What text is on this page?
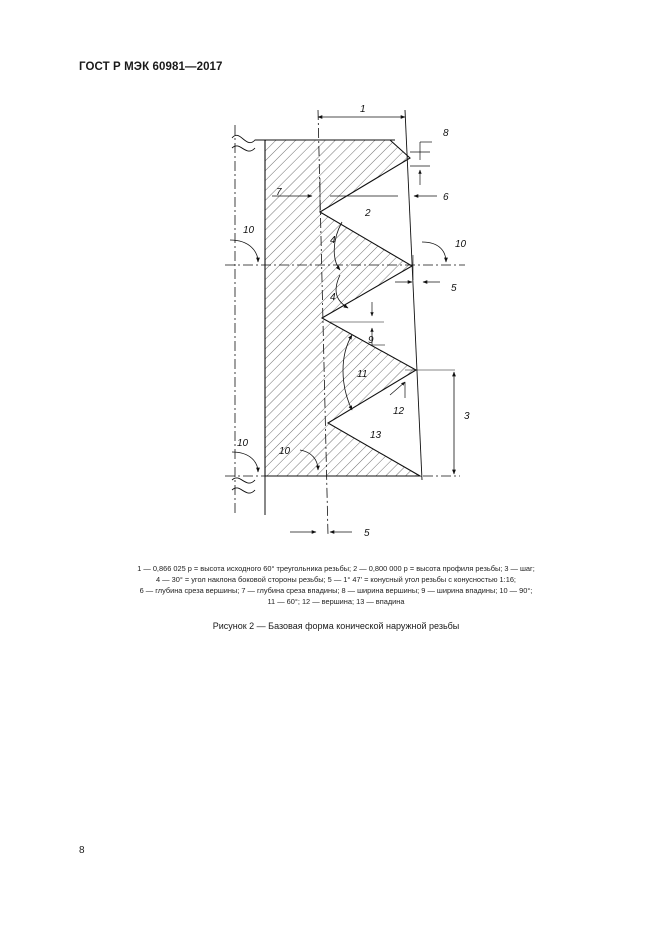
ГОСТ Р МЭК 60981—2017
1
8
7	6
2
4
4
10
10
5
9
11
12	3
13
10
10
5
1 — 0,866 025 p = высота исходного 60° треугольника резьбы; 2 — 0,800 000 p = высота профиля резьбы; 3 — шаг;
4 — 30° = угол наклона боковой стороны резьбы; 5 — 1° 47' = конусный угол резьбы с конусностью 1:16;
6 — глубина среза вершины; 7 — глубина среза впадины; 8 — ширина вершины; 9 — ширина впадины; 10 — 90°;
11 — 60°; 12 — вершина; 13 — впадина
Рисунок 2 — Базовая форма конической наружной резьбы
8
